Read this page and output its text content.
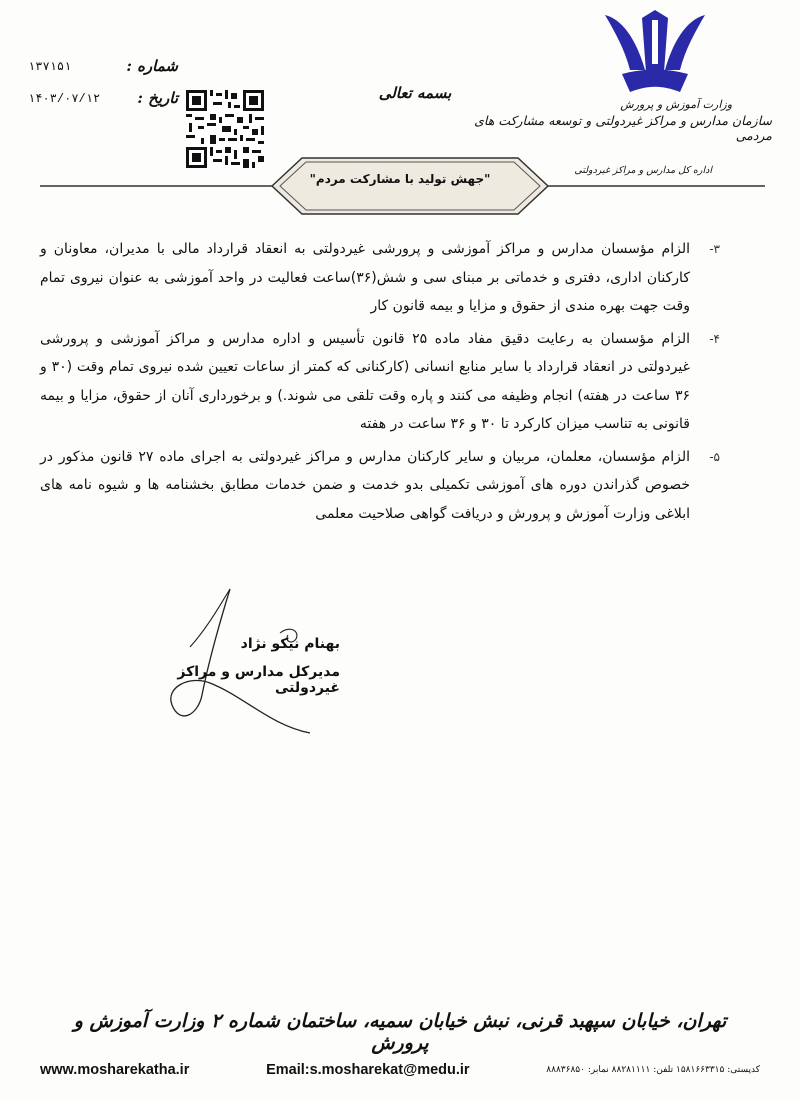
وزارت آموزش و پرورش
سازمان مدارس و مراکز غیردولتی و توسعه مشارکت های مردمی
اداره کل مدارس و مراکز غیردولتی
بسمه تعالی
شماره :
۱۳۷۱۵۱
تاریخ :
۱۴۰۳/۰۷/۱۲
"جهش تولید با مشارکت مردم"
۳-
الزام مؤسسان مدارس و مراکز آموزشی و پرورشی غیردولتی به انعقاد قرارداد مالی با مدیران، معاونان و کارکنان اداری، دفتری و خدماتی بر مبنای سی و شش(۳۶)ساعت فعالیت در واحد آموزشی به عنوان نیروی تمام وقت جهت بهره مندی از حقوق و مزایا و بیمه قانون کار
۴-
الزام مؤسسان به رعایت دقیق مفاد ماده ۲۵ قانون تأسیس و اداره مدارس و مراکز آموزشی و پرورشی غیردولتی در انعقاد قرارداد با سایر منابع انسانی (کارکنانی که کمتر از ساعات تعیین شده نیروی تمام وقت (۳۰ و ۳۶ ساعت در هفته) انجام وظیفه می کنند و پاره وقت تلقی می شوند.) و برخورداری آنان از حقوق، مزایا و بیمه قانونی به تناسب میزان کارکرد تا ۳۰ و ۳۶ ساعت در هفته
۵-
الزام مؤسسان، معلمان، مربیان و سایر کارکنان مدارس و مراکز غیردولتی به اجرای ماده ۲۷ قانون مذکور در خصوص گذراندن دوره های آموزشی تکمیلی بدو خدمت و ضمن خدمات مطابق بخشنامه ها و شیوه نامه های ابلاغی وزارت آموزش و پرورش و دریافت گواهی صلاحیت معلمی
بهنام نیکو نژاد
مدیرکل مدارس و مراکز غیردولتی
تهران، خیابان سپهبد قرنی، نبش خیابان سمیه، ساختمان شماره ۲ وزارت آموزش و پرورش
www.mosharekatha.ir	Email:s.mosharekat@medu.ir	کدپستی: ۱۵۸۱۶۶۳۳۱۵ تلفن: ۸۸۲۸۱۱۱۱ نمابر: ۸۸۸۳۶۸۵۰
